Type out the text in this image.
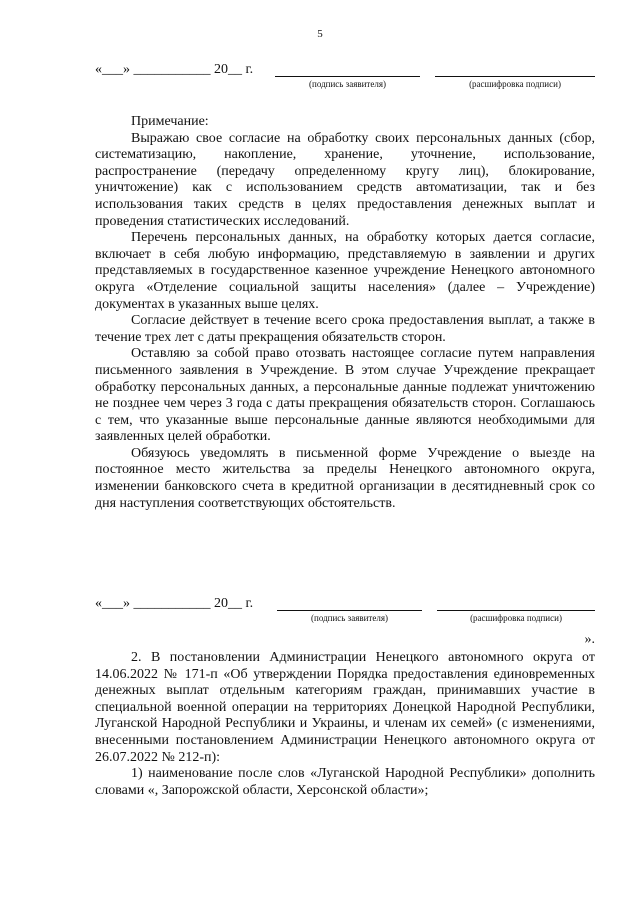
5
«___» ___________ 20__ г.
(подпись заявителя)	(расшифровка подписи)

Примечание:

Выражаю свое согласие на обработку своих персональных данных (сбор, систематизацию, накопление, хранение, уточнение, использование, распространение (передачу определенному кругу лиц), блокирование, уничтожение) как с использованием средств автоматизации, так и без использования таких средств в целях предоставления денежных выплат и проведения статистических исследований.

Перечень персональных данных, на обработку которых дается согласие, включает в себя любую информацию, представляемую в заявлении и других представляемых в государственное казенное учреждение Ненецкого автономного округа «Отделение социальной защиты населения» (далее – Учреждение) документах в указанных выше целях.

Согласие действует в течение всего срока предоставления выплат, а также в течение трех лет с даты прекращения обязательств сторон.

Оставляю за собой право отозвать настоящее согласие путем направления письменного заявления в Учреждение. В этом случае Учреждение прекращает обработку персональных данных, а персональные данные подлежат уничтожению не позднее чем через 3 года с даты прекращения обязательств сторон. Соглашаюсь с тем, что указанные выше персональные данные являются необходимыми для заявленных целей обработки.

Обязуюсь уведомлять в письменной форме Учреждение о выезде на постоянное место жительства за пределы Ненецкого автономного округа, изменении банковского счета в кредитной организации в десятидневный срок со дня наступления соответствующих обстоятельств.

«___» ___________ 20__ г.
(подпись заявителя)	(расшифровка подписи)
».

2. В постановлении Администрации Ненецкого автономного округа от 14.06.2022 № 171-п «Об утверждении Порядка предоставления единовременных денежных выплат отдельным категориям граждан, принимавших участие в специальной военной операции на территориях Донецкой Народной Республики, Луганской Народной Республики и Украины, и членам их семей» (с изменениями, внесенными постановлением Администрации Ненецкого автономного округа от 26.07.2022 № 212-п):

1) наименование после слов «Луганской Народной Республики» дополнить словами «, Запорожской области, Херсонской области»;
